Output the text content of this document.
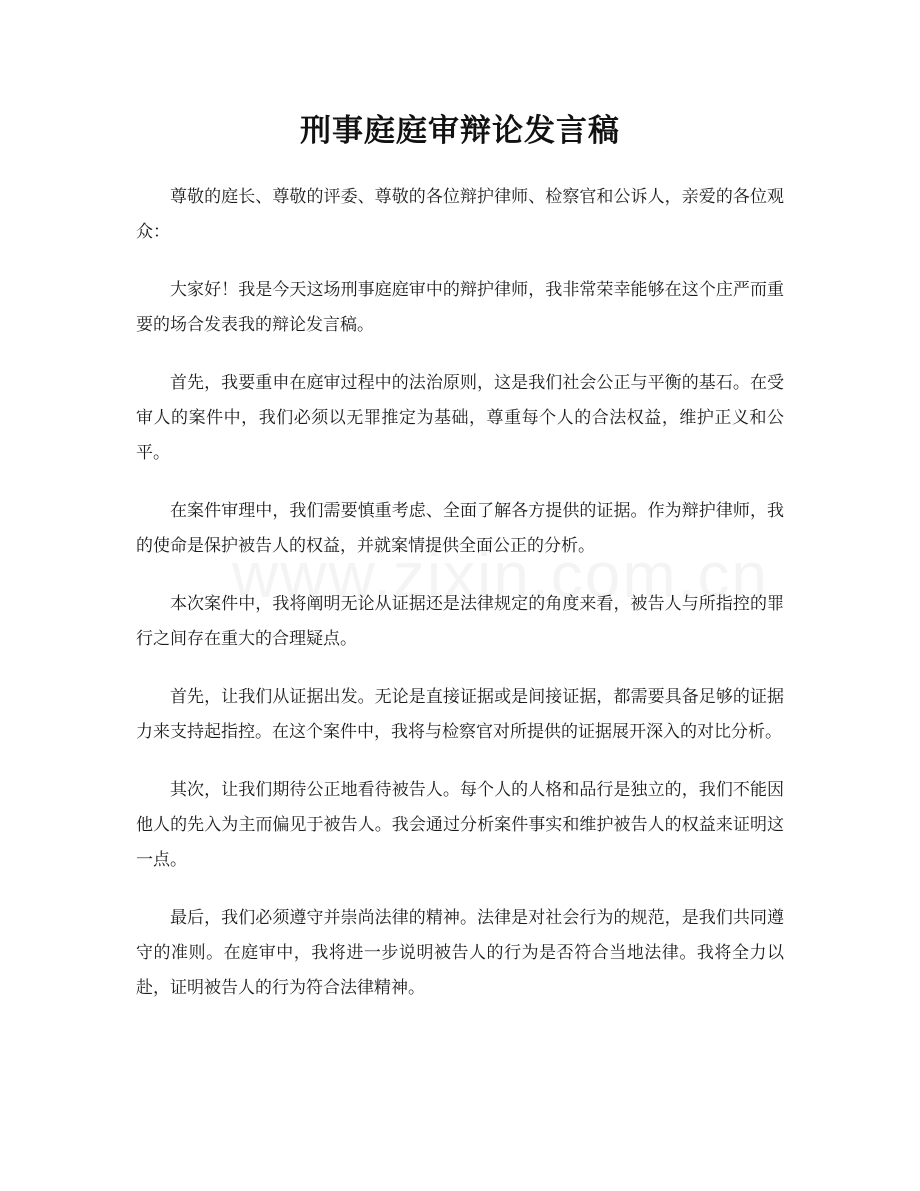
刑事庭庭审辩论发言稿

尊敬的庭长、尊敬的评委、尊敬的各位辩护律师、检察官和公诉人，亲爱的各位观众：

大家好！我是今天这场刑事庭庭审中的辩护律师，我非常荣幸能够在这个庄严而重要的场合发表我的辩论发言稿。

首先，我要重申在庭审过程中的法治原则，这是我们社会公正与平衡的基石。在受审人的案件中，我们必须以无罪推定为基础，尊重每个人的合法权益，维护正义和公平。

在案件审理中，我们需要慎重考虑、全面了解各方提供的证据。作为辩护律师，我的使命是保护被告人的权益，并就案情提供全面公正的分析。

本次案件中，我将阐明无论从证据还是法律规定的角度来看，被告人与所指控的罪行之间存在重大的合理疑点。

首先，让我们从证据出发。无论是直接证据或是间接证据，都需要具备足够的证据力来支持起指控。在这个案件中，我将与检察官对所提供的证据展开深入的对比分析。

其次，让我们期待公正地看待被告人。每个人的人格和品行是独立的，我们不能因他人的先入为主而偏见于被告人。我会通过分析案件事实和维护被告人的权益来证明这一点。

最后，我们必须遵守并崇尚法律的精神。法律是对社会行为的规范，是我们共同遵守的准则。在庭审中，我将进一步说明被告人的行为是否符合当地法律。我将全力以赴，证明被告人的行为符合法律精神。
